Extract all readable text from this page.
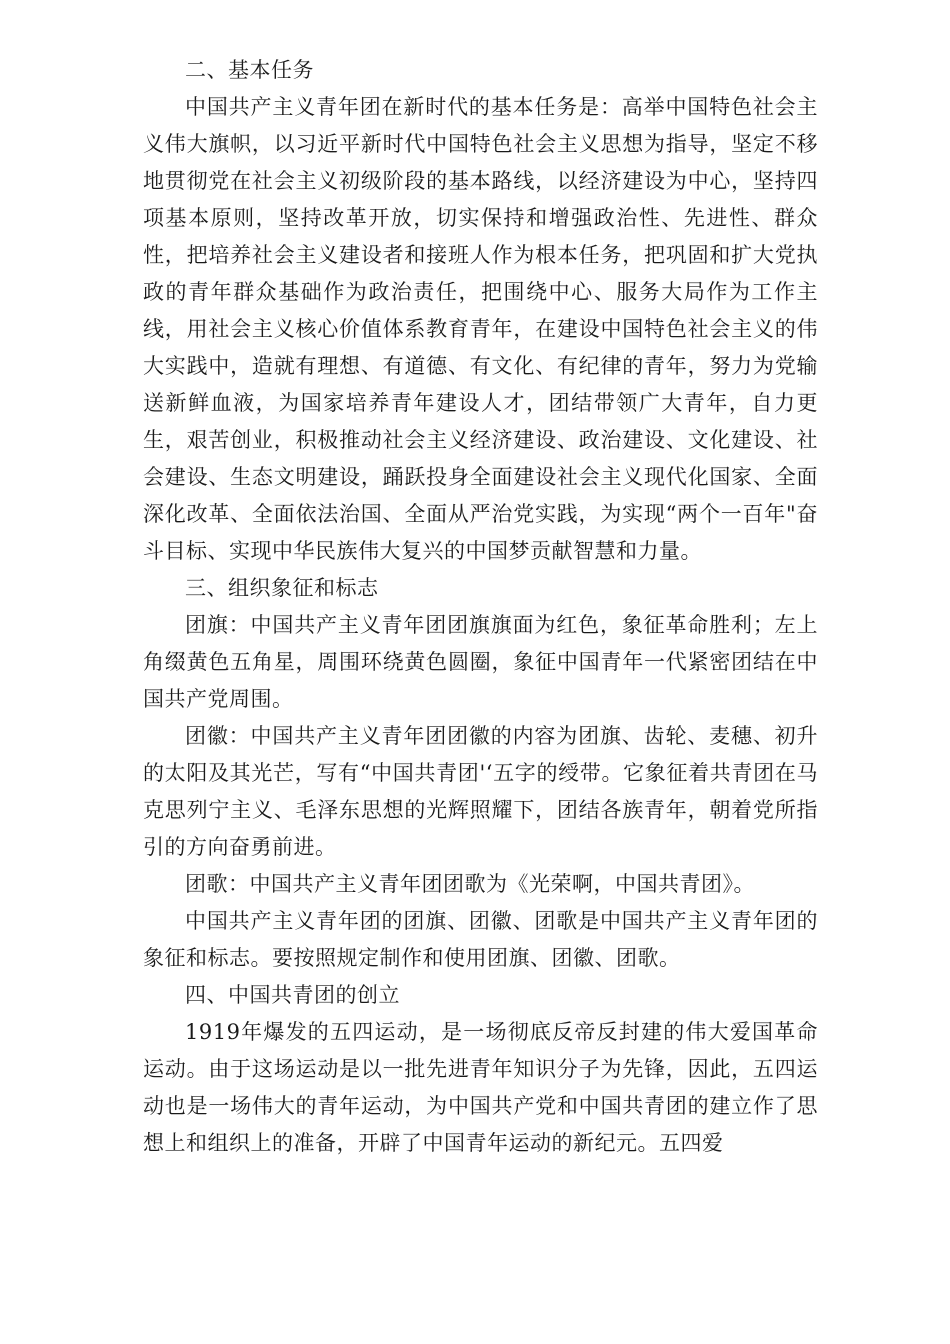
二、基本任务

中国共产主义青年团在新时代的基本任务是：高举中国特色社会主义伟大旗帜，以习近平新时代中国特色社会主义思想为指导，坚定不移地贯彻党在社会主义初级阶段的基本路线，以经济建设为中心，坚持四项基本原则，坚持改革开放，切实保持和增强政治性、先进性、群众性，把培养社会主义建设者和接班人作为根本任务，把巩固和扩大党执政的青年群众基础作为政治责任，把围绕中心、服务大局作为工作主线，用社会主义核心价值体系教育青年，在建设中国特色社会主义的伟大实践中，造就有理想、有道德、有文化、有纪律的青年，努力为党输送新鲜血液，为国家培养青年建设人才，团结带领广大青年，自力更生，艰苦创业，积极推动社会主义经济建设、政治建设、文化建设、社会建设、生态文明建设，踊跃投身全面建设社会主义现代化国家、全面深化改革、全面依法治国、全面从严治党实践，为实现“两个一百年"奋斗目标、实现中华民族伟大复兴的中国梦贡献智慧和力量。

三、组织象征和标志

团旗：中国共产主义青年团团旗旗面为红色，象征革命胜利；左上角缀黄色五角星，周围环绕黄色圆圈，象征中国青年一代紧密团结在中国共产党周围。

团徽：中国共产主义青年团团徽的内容为团旗、齿轮、麦穗、初升的太阳及其光芒，写有“中国共青团'‘五字的绶带。它象征着共青团在马克思列宁主义、毛泽东思想的光辉照耀下，团结各族青年，朝着党所指引的方向奋勇前进。

团歌：中国共产主义青年团团歌为《光荣啊，中国共青团》。

中国共产主义青年团的团旗、团徽、团歌是中国共产主义青年团的象征和标志。要按照规定制作和使用团旗、团徽、团歌。

四、中国共青团的创立

1919年爆发的五四运动，是一场彻底反帝反封建的伟大爱国革命运动。由于这场运动是以一批先进青年知识分子为先锋，因此，五四运动也是一场伟大的青年运动，为中国共产党和中国共青团的建立作了思想上和组织上的准备，开辟了中国青年运动的新纪元。五四爱
